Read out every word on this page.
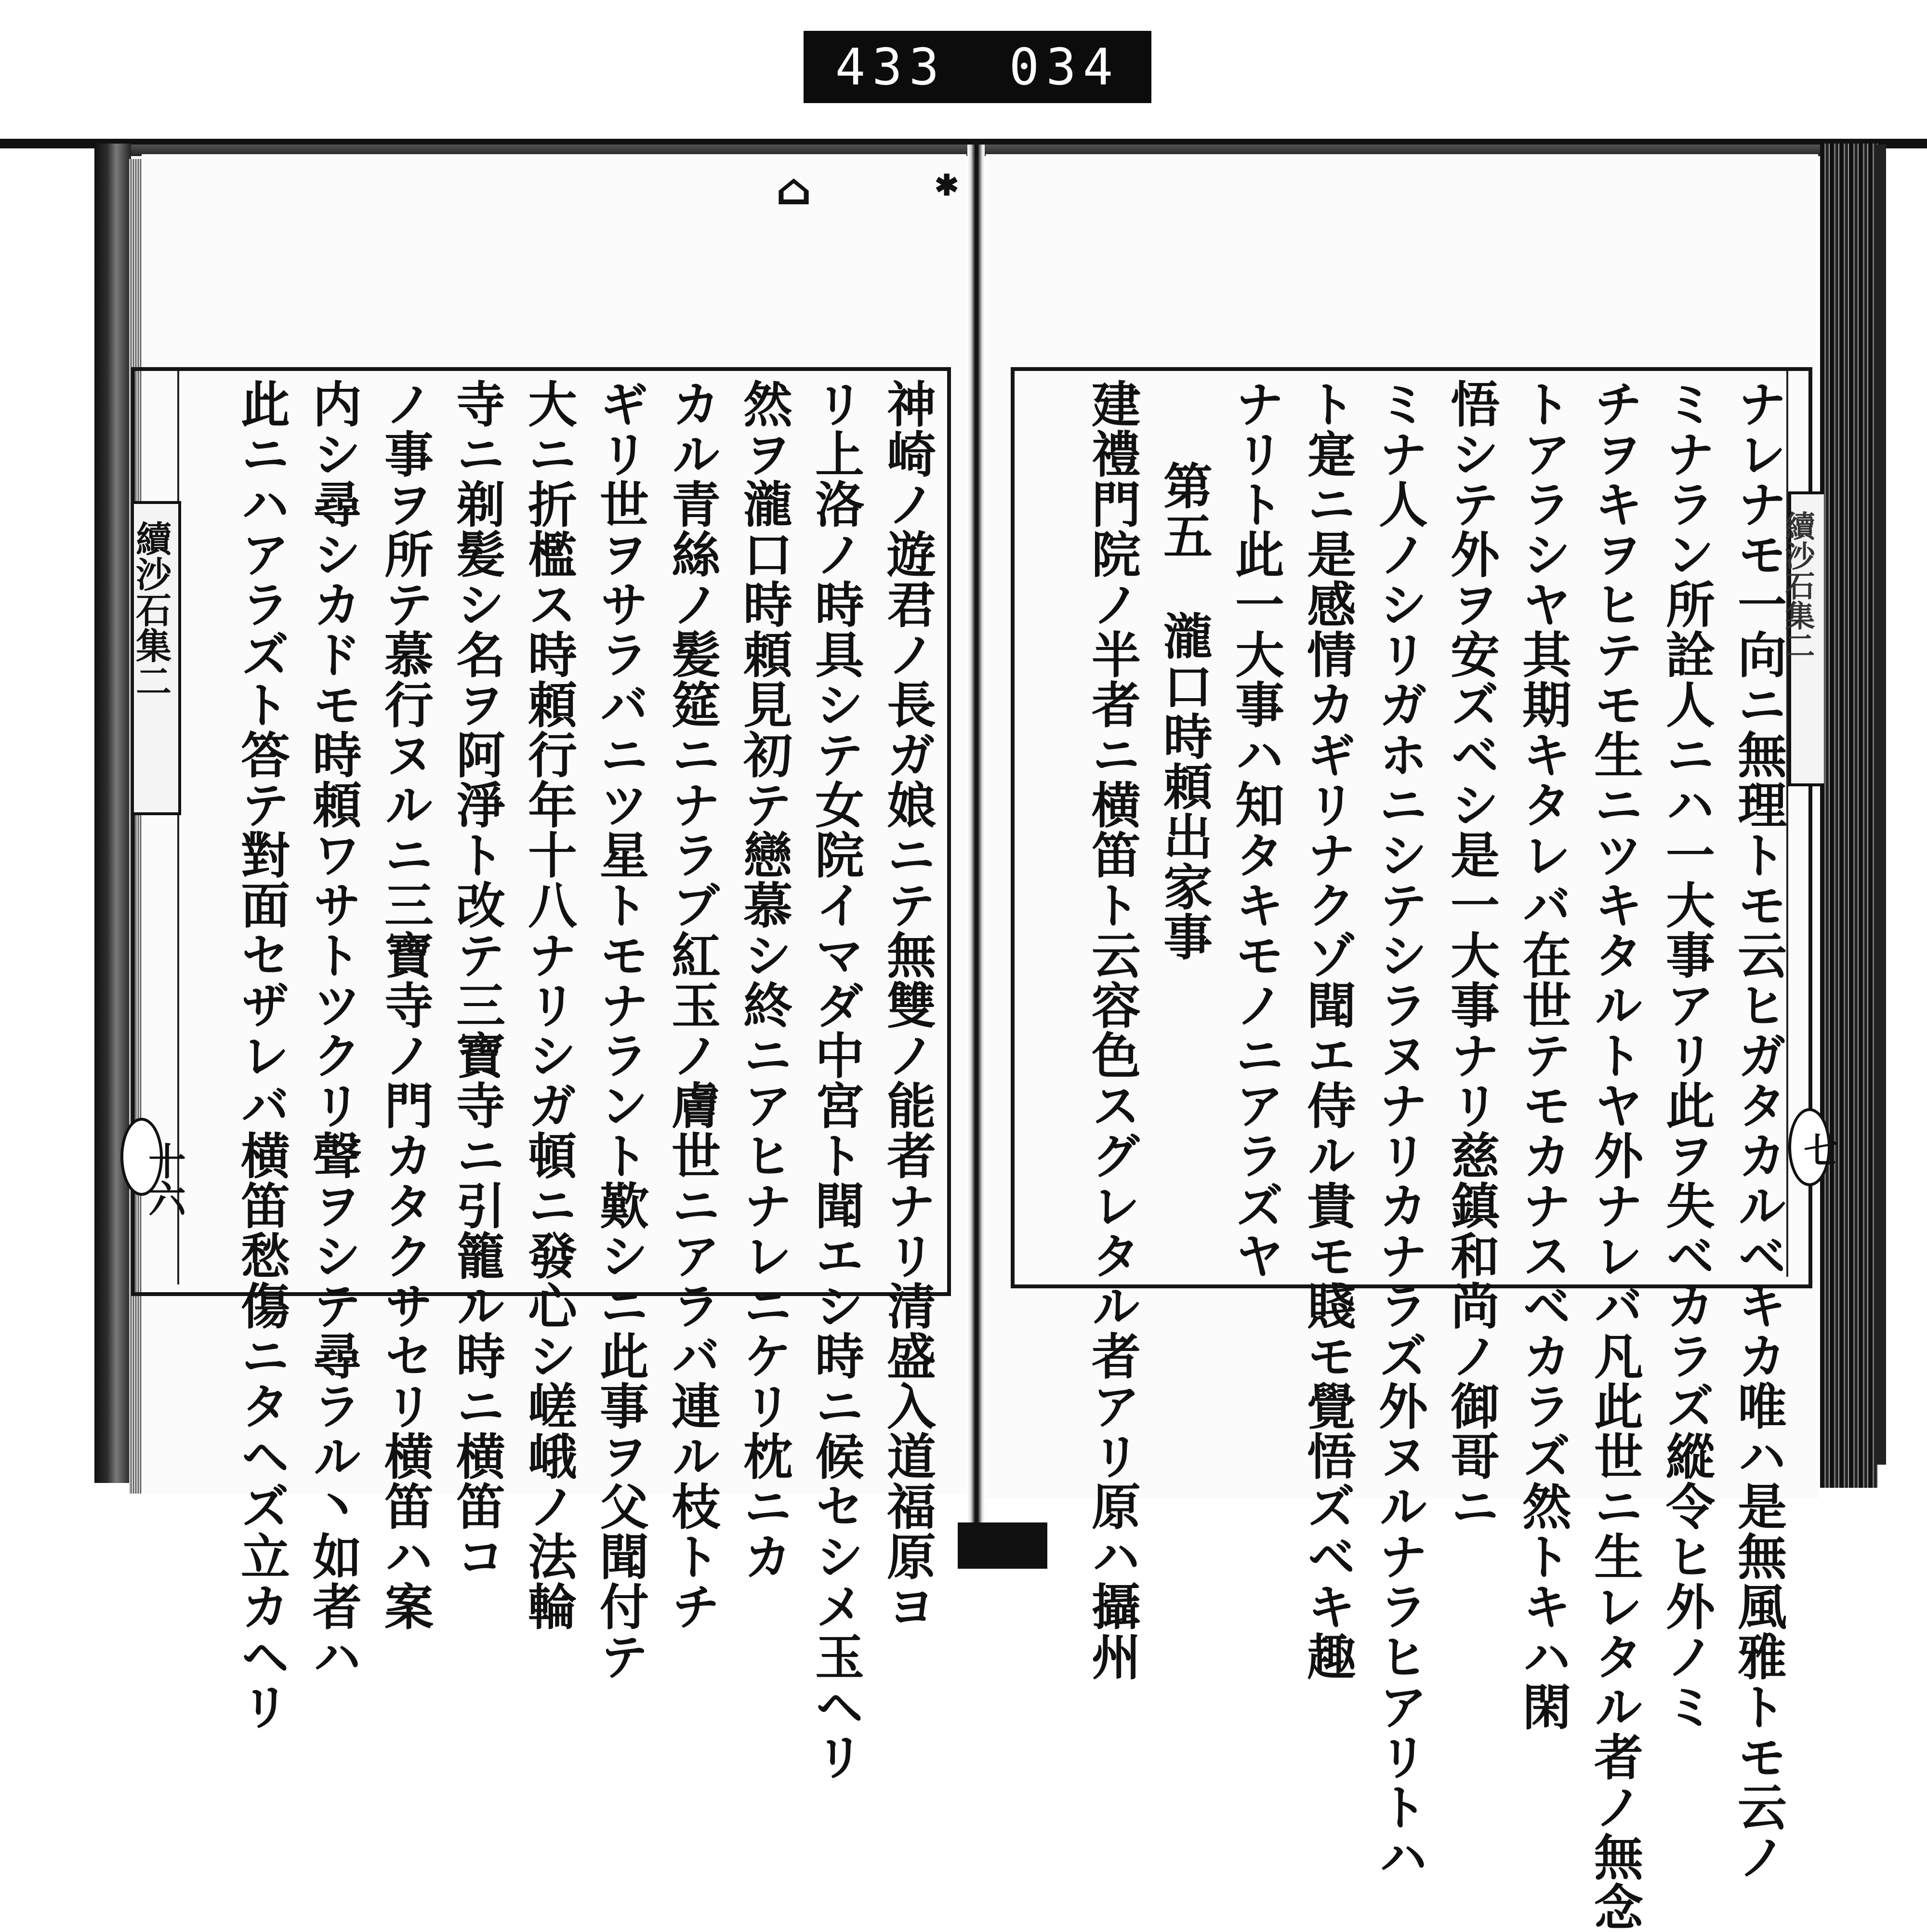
433 034
⌂	✱
續沙石集二
十六	神崎ノ遊君ノ長ガ娘ニテ無雙ノ能者ナリ清盛入道福原ヨ
リ上洛ノ時具シテ女院イマダ中宮ト聞エシ時ニ候セシメ玉ヘリ
然ヲ瀧口時頼見初テ戀慕シ終ニアヒナレニケリ枕ニカ
カル青絲ノ髪筵ニナラブ紅玉ノ膚世ニアラバ連ル枝トチ
ギリ世ヲサラバニツ星トモナラント歎シニ此事ヲ父聞付テ
大ニ折檻ス時頼行年十八ナリシガ頓ニ發心シ嵯峨ノ法輪
寺ニ剃髪シ名ヲ阿淨ト改テ三寶寺ニ引籠ル時ニ横笛コ
ノ事ヲ所テ慕行ヌルニ三寶寺ノ門カタクサセリ横笛ハ案
内シ尋シカドモ時頼ワサトツクリ聲ヲシテ尋ラル丶如者ハ
此ニハアラズト答テ對面セザレバ横笛愁傷ニタヘズ立カヘリ	續沙石集二
七
ナレナモ一向ニ無理トモ云ヒガタカルベキカ唯ハ是無風雅トモ云ノ
ミナラン所詮人ニハ一大事アリ此ヲ失ベカラズ縱令ヒ外ノミ
チヲキヲヒテモ生ニツキタルトヤ外ナレバ凡此世ニ生レタル者ノ無念
トアラシヤ其期キタレバ在世テモカナスベカラズ然トキハ閑
悟シテ外ヲ安ズベシ是一大事ナリ慈鎮和尚ノ御哥ニ
ミナ人ノシリガホニシテシラヌナリカナラズ外ヌルナラヒアリトハ
ト寔ニ是感情カギリナクゾ聞エ侍ル貴モ賤モ覺悟ズベキ趣
ナリト此一大事ハ知タキモノニアラズヤ
第五　瀧口時頼出家事
建禮門院ノ半者ニ横笛ト云容色スグレタル者アリ原ハ攝州
